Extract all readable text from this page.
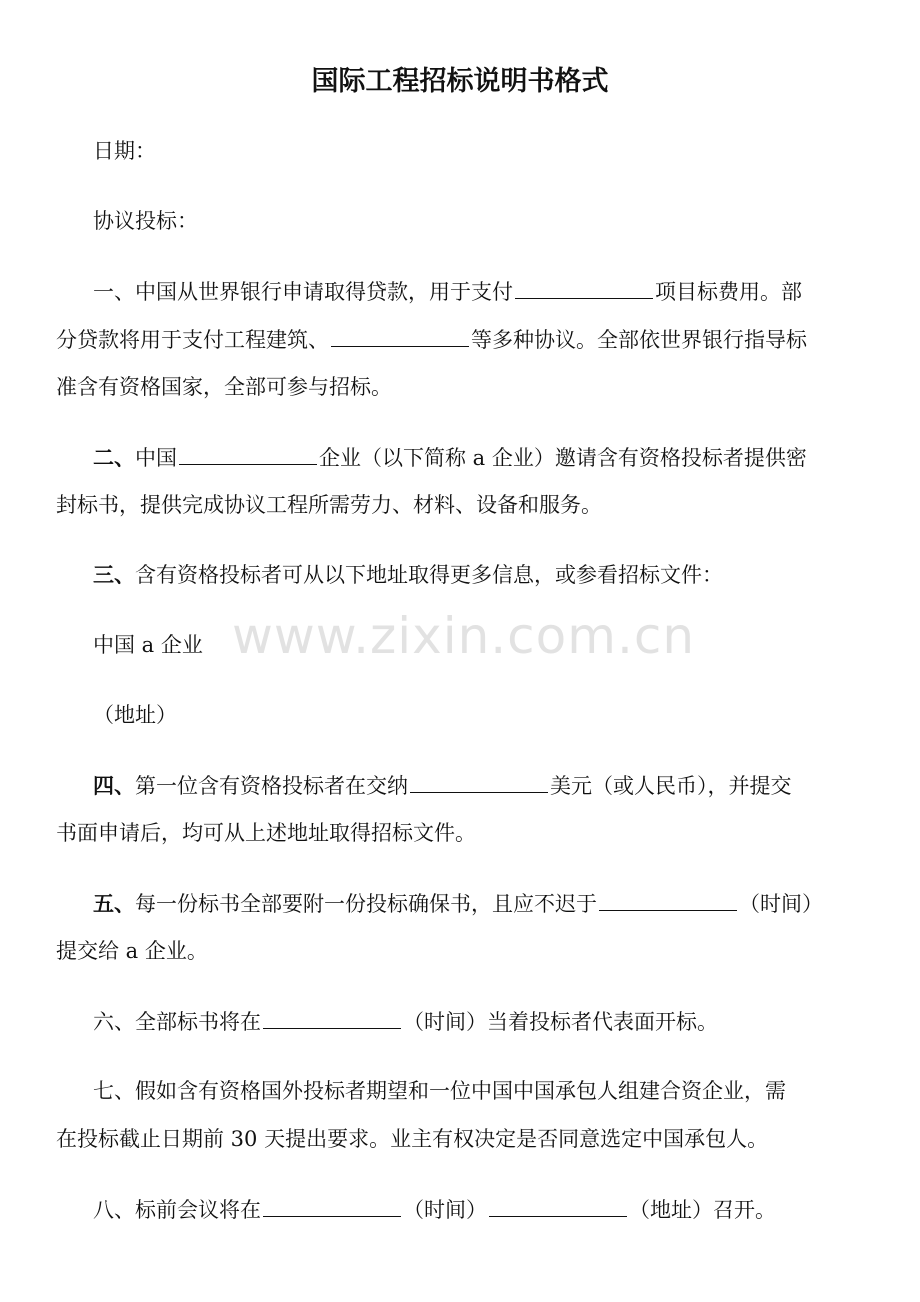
国际工程招标说明书格式
日期：
协议投标：
一、中国从世界银行申请取得贷款，用于支付	项目标费用。部
分贷款将用于支付工程建筑、	等多种协议。全部依世界银行指导标
准含有资格国家，全部可参与招标。
二、中国	企业（以下简称 a 企业）邀请含有资格投标者提供密
封标书，提供完成协议工程所需劳力、材料、设备和服务。
三、含有资格投标者可从以下地址取得更多信息，或参看招标文件：
中国 a 企业
（地址）
四、第一位含有资格投标者在交纳	美元（或人民币），并提交
书面申请后，均可从上述地址取得招标文件。
五、每一份标书全部要附一份投标确保书，且应不迟于	（时间）
提交给 a 企业。
六、全部标书将在	（时间）当着投标者代表面开标。
七、假如含有资格国外投标者期望和一位中国中国承包人组建合资企业，需
在投标截止日期前 30 天提出要求。业主有权决定是否同意选定中国承包人。
八、标前会议将在	（时间）	（地址）召开。
www.zixin.com.cn
